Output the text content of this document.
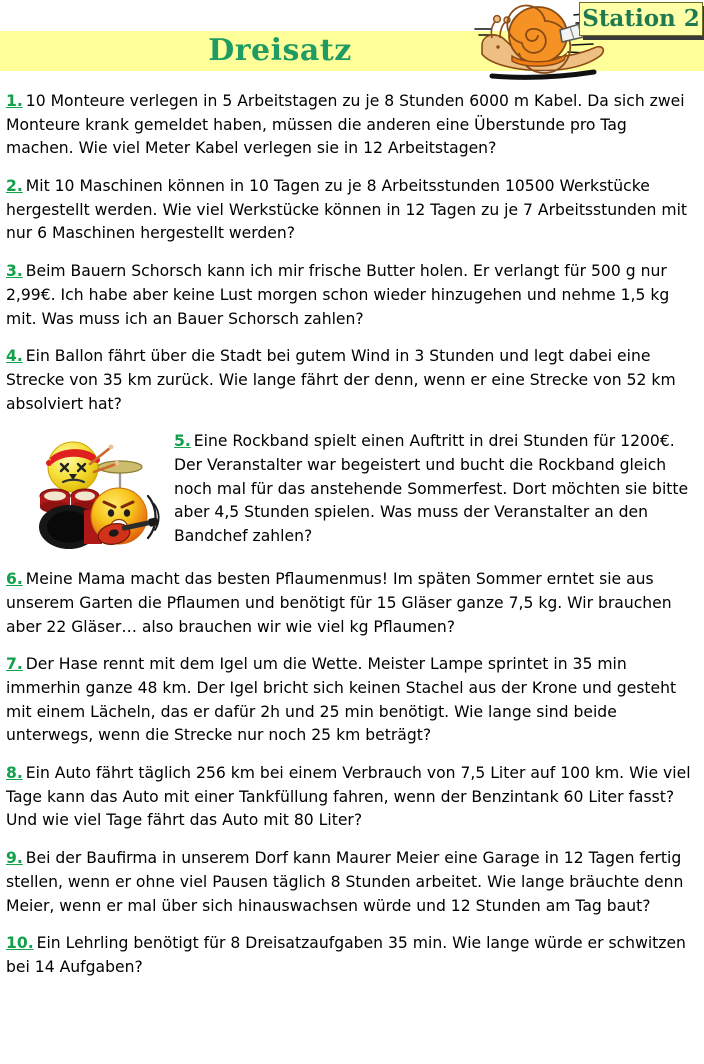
Dreisatz
Station 2

1. 10 Monteure verlegen in 5 Arbeitstagen zu je 8 Stunden 6000 m Kabel. Da sich zwei Monteure krank gemeldet haben, müssen die anderen eine Überstunde pro Tag machen. Wie viel Meter Kabel verlegen sie in 12 Arbeitstagen?

2. Mit 10 Maschinen können in 10 Tagen zu je 8 Arbeitsstunden 10500 Werkstücke hergestellt werden. Wie viel Werkstücke können in 12 Tagen zu je 7 Arbeitsstunden mit nur 6 Maschinen hergestellt werden?

3. Beim Bauern Schorsch kann ich mir frische Butter holen. Er verlangt für 500 g nur 2,99€. Ich habe aber keine Lust morgen schon wieder hinzugehen und nehme 1,5 kg mit. Was muss ich an Bauer Schorsch zahlen?

4. Ein Ballon fährt über die Stadt bei gutem Wind in 3 Stunden und legt dabei eine Strecke von 35 km zurück. Wie lange fährt der denn, wenn er eine Strecke von 52 km absolviert hat?

5. Eine Rockband spielt einen Auftritt in drei Stunden für 1200€. Der Veranstalter war begeistert und bucht die Rockband gleich noch mal für das anstehende Sommerfest. Dort möchten sie bitte aber 4,5 Stunden spielen. Was muss der Veranstalter an den Bandchef zahlen?

6. Meine Mama macht das besten Pflaumenmus! Im späten Sommer erntet sie aus unserem Garten die Pflaumen und benötigt für 15 Gläser ganze 7,5 kg. Wir brauchen aber 22 Gläser… also brauchen wir wie viel kg Pflaumen?

7. Der Hase rennt mit dem Igel um die Wette. Meister Lampe sprintet in 35 min immerhin ganze 48 km. Der Igel bricht sich keinen Stachel aus der Krone und gesteht mit einem Lächeln, das er dafür 2h und 25 min benötigt. Wie lange sind beide unterwegs, wenn die Strecke nur noch 25 km beträgt?

8. Ein Auto fährt täglich 256 km bei einem Verbrauch von 7,5 Liter auf 100 km. Wie viel Tage kann das Auto mit einer Tankfüllung fahren, wenn der Benzintank 60 Liter fasst? Und wie viel Tage fährt das Auto mit 80 Liter?

9. Bei der Baufirma in unserem Dorf kann Maurer Meier eine Garage in 12 Tagen fertig stellen, wenn er ohne viel Pausen täglich 8 Stunden arbeitet. Wie lange bräuchte denn Meier, wenn er mal über sich hinauswachsen würde und 12 Stunden am Tag baut?

10. Ein Lehrling benötigt für 8 Dreisatzaufgaben 35 min. Wie lange würde er schwitzen bei 14 Aufgaben?
